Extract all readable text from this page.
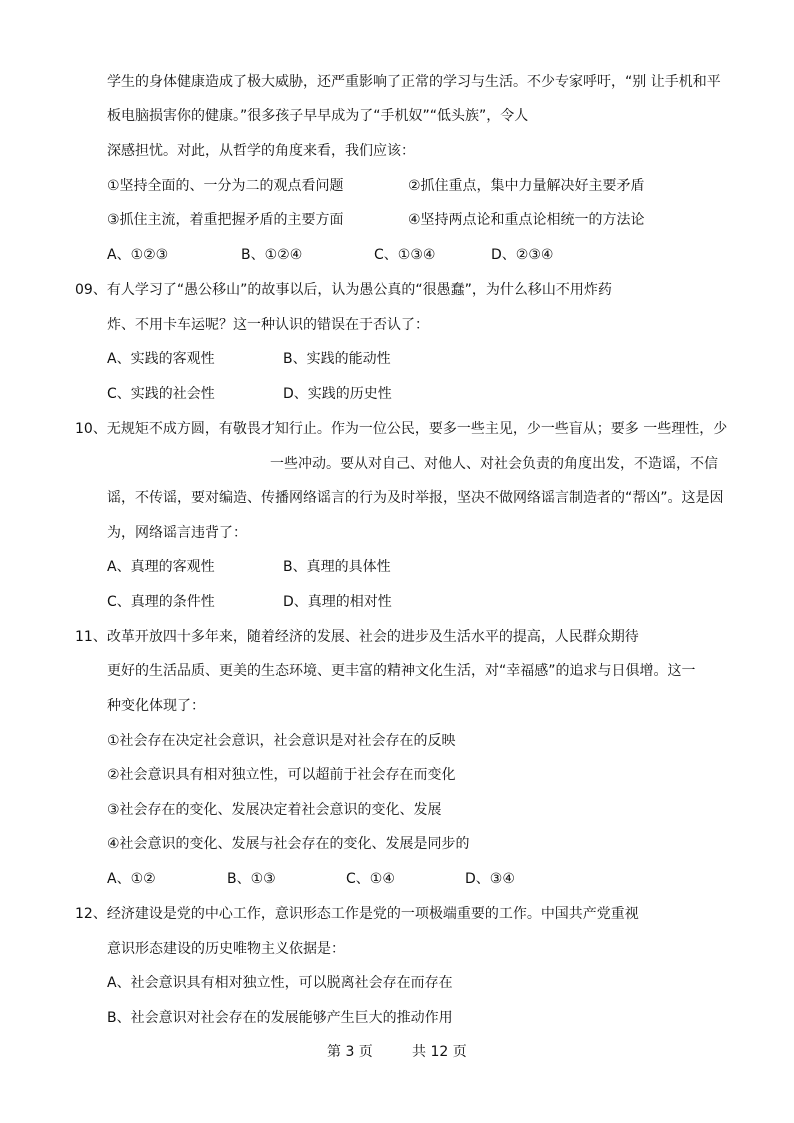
学生的身体健康造成了极大威胁，还严重影响了正常的学习与生活。不少专家呼吁，“别 让手机和平
板电脑损害你的健康。”很多孩子早早成为了“手机奴”“低头族”，令人
深感担忧。对此，从哲学的角度来看，我们应该：
①坚持全面的、一分为二的观点看问题	②抓住重点，集中力量解决好主要矛盾
③抓住主流，着重把握矛盾的主要方面	④坚持两点论和重点论相统一的方法论
A、①②③	B、①②④	C、①③④	D、②③④
09、有人学习了“愚公移山”的故事以后，认为愚公真的“很愚蠢”，为什么移山不用炸药
炸、不用卡车运呢？这一种认识的错误在于否认了：
A、实践的客观性	B、实践的能动性
C、实践的社会性	D、实践的历史性
10、无规矩不成方圆，有敬畏才知行止。作为一位公民，要多一些主见，少一些盲从；要多 一些理性，少
一些冲动。要从对自己、对他人、对社会负责的角度出发，不造谣，不信
谣，不传谣，要对编造、传播网络谣言的行为及时举报，坚决不做网络谣言制造者的“帮凶”。这是因
为，网络谣言违背了：
A、真理的客观性	B、真理的具体性
C、真理的条件性	D、真理的相对性
11、改革开放四十多年来，随着经济的发展、社会的进步及生活水平的提高，人民群众期待
更好的生活品质、更美的生态环境、更丰富的精神文化生活，对“幸福感”的追求与日俱增。这一
种变化体现了：
①社会存在决定社会意识，社会意识是对社会存在的反映
②社会意识具有相对独立性，可以超前于社会存在而变化
③社会存在的变化、发展决定着社会意识的变化、发展
④社会意识的变化、发展与社会存在的变化、发展是同步的
A、①②	B、①③	C、①④	D、③④
12、经济建设是党的中心工作，意识形态工作是党的一项极端重要的工作。中国共产党重视
意识形态建设的历史唯物主义依据是：
A、社会意识具有相对独立性，可以脱离社会存在而存在
B、社会意识对社会存在的发展能够产生巨大的推动作用
第 3 页	共 12 页
